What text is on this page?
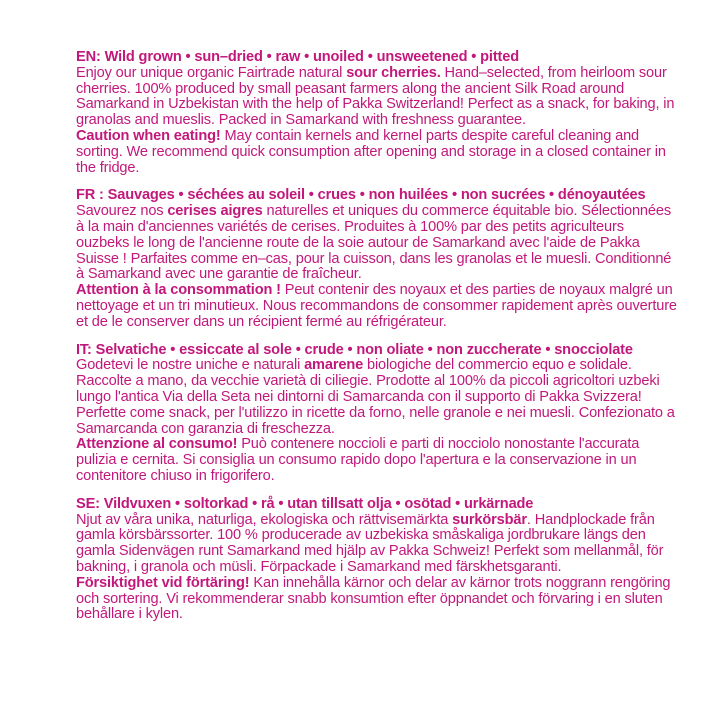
EN: Wild grown • sun–dried • raw • unoiled • unsweetened • pitted

Enjoy our unique organic Fairtrade natural sour cherries. Hand–selected, from heirloom sour cherries. 100% produced by small peasant farmers along the ancient Silk Road around Samarkand in Uzbekistan with the help of Pakka Switzerland! Perfect as a snack, for baking, in granolas and mueslis. Packed in Samarkand with freshness guarantee.

Caution when eating! May contain kernels and kernel parts despite careful cleaning and sorting. We recommend quick consumption after opening and storage in a closed container in the fridge.

FR : Sauvages • séchées au soleil • crues • non huilées • non sucrées • dénoyautées

Savourez nos cerises aigres naturelles et uniques du commerce équitable bio. Sélectionnées à la main d'anciennes variétés de cerises. Produites à 100% par des petits agriculteurs ouzbeks le long de l'ancienne route de la soie autour de Samarkand avec l'aide de Pakka Suisse ! Parfaites comme en–cas, pour la cuisson, dans les granolas et le muesli. Conditionné à Samarkand avec une garantie de fraîcheur.

Attention à la consommation ! Peut contenir des noyaux et des parties de noyaux malgré un nettoyage et un tri minutieux. Nous recommandons de consommer rapidement après ouverture et de le conserver dans un récipient fermé au réfrigérateur.

IT: Selvatiche • essiccate al sole • crude • non oliate • non zuccherate • snocciolate

Godetevi le nostre uniche e naturali amarene biologiche del commercio equo e solidale. Raccolte a mano, da vecchie varietà di ciliegie. Prodotte al 100% da piccoli agricoltori uzbeki lungo l'antica Via della Seta nei dintorni di Samarcanda con il supporto di Pakka Svizzera! Perfette come snack, per l'utilizzo in ricette da forno, nelle granole e nei muesli. Confezionato a Samarcanda con garanzia di freschezza.

Attenzione al consumo! Può contenere noccioli e parti di nocciolo nonostante l'accurata pulizia e cernita. Si consiglia un consumo rapido dopo l'apertura e la conservazione in un contenitore chiuso in frigorifero.

SE: Vildvuxen • soltorkad • rå • utan tillsatt olja • osötad • urkärnade

Njut av våra unika, naturliga, ekologiska och rättvisemärkta surkörsbär. Handplockade från gamla körsbärssorter. 100 % producerade av uzbekiska småskaliga jordbrukare längs den gamla Sidenvägen runt Samarkand med hjälp av Pakka Schweiz! Perfekt som mellanmål, för bakning, i granola och müsli. Förpackade i Samarkand med färskhetsgaranti.

Försiktighet vid förtäring! Kan innehålla kärnor och delar av kärnor trots noggrann rengöring och sortering. Vi rekommenderar snabb konsumtion efter öppnandet och förvaring i en sluten behållare i kylen.
